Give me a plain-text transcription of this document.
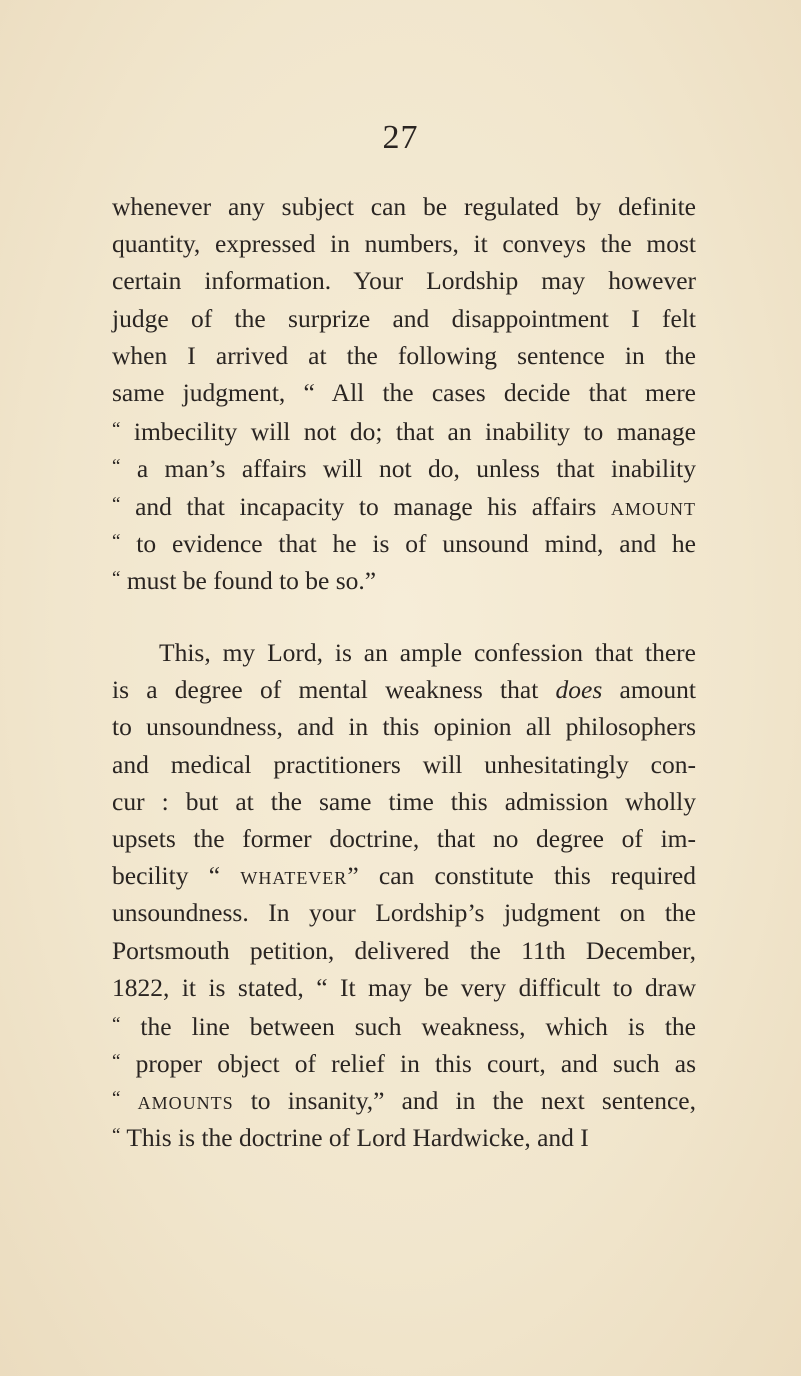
27
whenever any subject can be regulated by definite
quantity, expressed in numbers, it conveys the most
certain information. Your Lordship may however
judge of the surprize and disappointment I felt
when I arrived at the following sentence in the
same judgment, “ All the cases decide that mere
“ imbecility will not do; that an inability to manage
“ a man’s affairs will not do, unless that inability
“ and that incapacity to manage his affairs amount
“ to evidence that he is of unsound mind, and he
“ must be found to be so.”
This, my Lord, is an ample confession that there
is a degree of mental weakness that does amount
to unsoundness, and in this opinion all philosophers
and medical practitioners will unhesitatingly con-
cur : but at the same time this admission wholly
upsets the former doctrine, that no degree of im-
becility “ whatever” can constitute this required
unsoundness. In your Lordship’s judgment on the
Portsmouth petition, delivered the 11th December,
1822, it is stated, “ It may be very difficult to draw
“ the line between such weakness, which is the
“ proper object of relief in this court, and such as
“ amounts to insanity,” and in the next sentence,
“ This is the doctrine of Lord Hardwicke, and I
